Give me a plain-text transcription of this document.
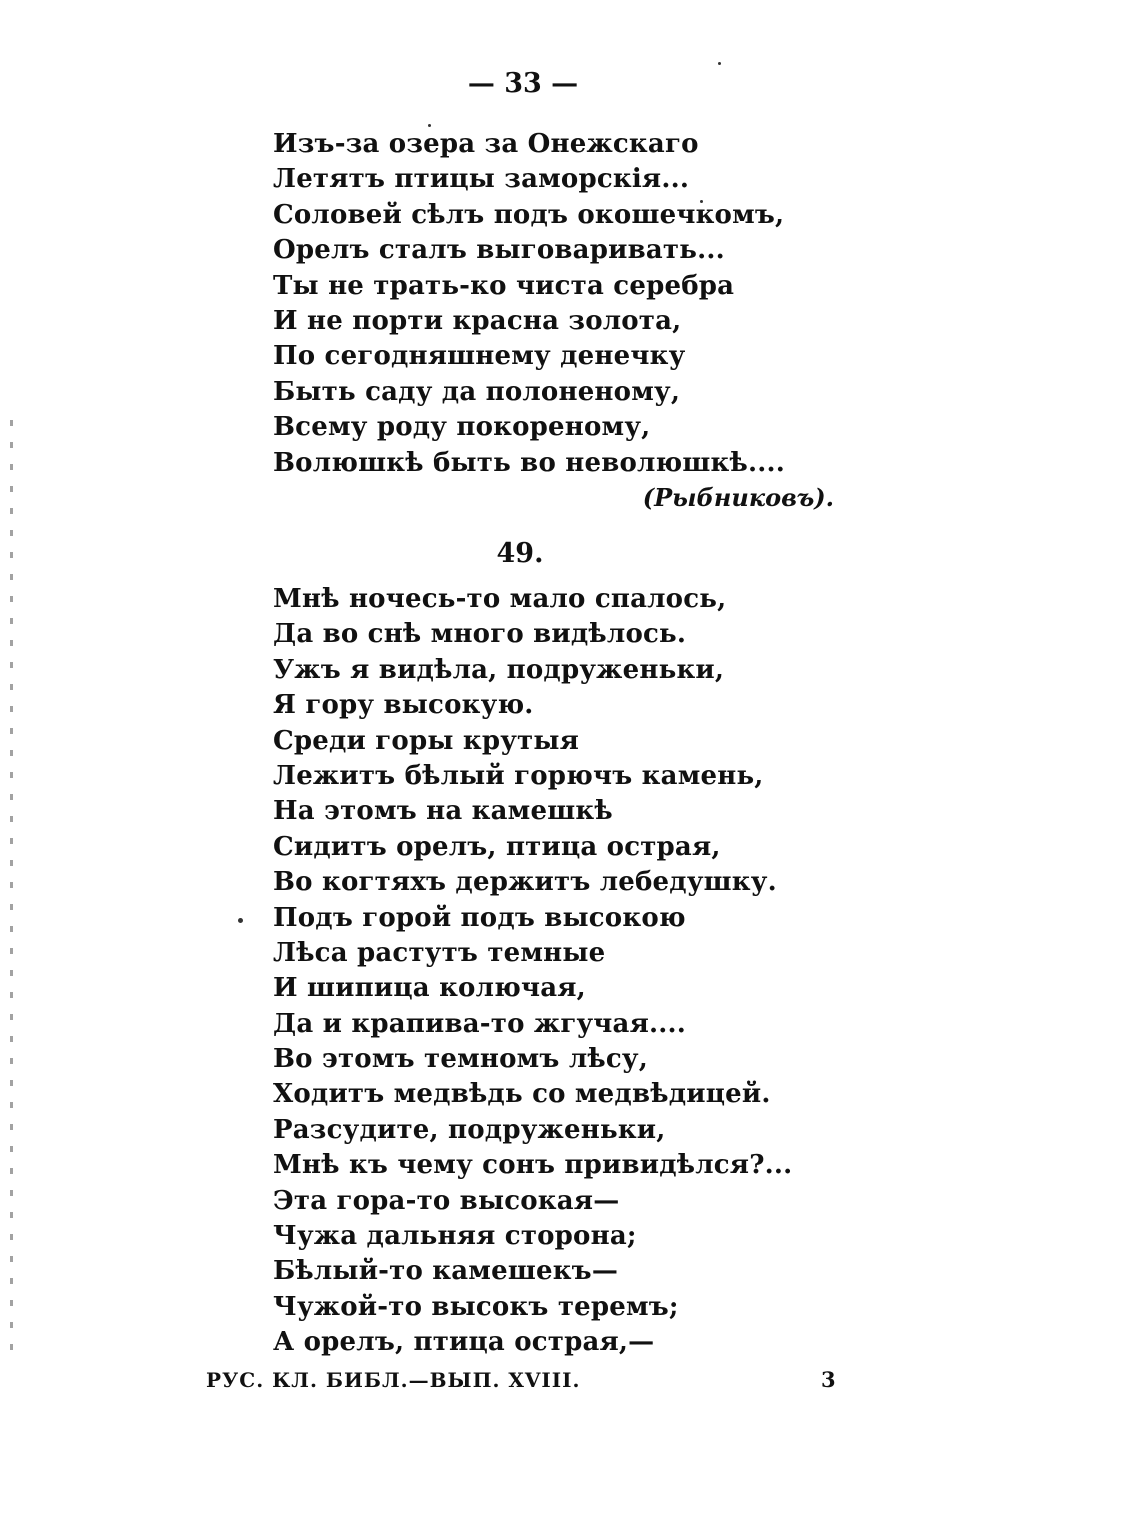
— 33 —
Изъ-за озера за Онежскаго
Летятъ птицы заморскія...
Соловей сѣлъ подъ окошечкомъ,
Орелъ сталъ выговаривать...
Ты не трать-ко чиста серебра
И не порти красна золота,
По сегодняшнему денечку
Быть саду да полоненому,
Всему роду покореному,
Волюшкѣ быть во неволюшкѣ....
(Рыбниковъ).
49.
Мнѣ ночесь-то мало спалось,
Да во снѣ много видѣлось.
Ужъ я видѣла, подруженьки,
Я гору высокую.
Среди горы крутыя
Лежитъ бѣлый горючъ камень,
На этомъ на камешкѣ
Сидитъ орелъ, птица острая,
Во когтяхъ держитъ лебедушку.
Подъ горой подъ высокою
Лѣса растутъ темные
И шипица колючая,
Да и крапива-то жгучая....
Во этомъ темномъ лѣсу,
Ходитъ медвѣдь со медвѣдицей.
Разсудите, подруженьки,
Мнѣ къ чему сонъ привидѣлся?...
Эта гора-то высокая—
Чужа дальняя сторона;
Бѣлый-то камешекъ—
Чужой-то высокъ теремъ;
А орелъ, птица острая,—
РУС. КЛ. БИБЛ.—ВЫП. XVIII.	3
